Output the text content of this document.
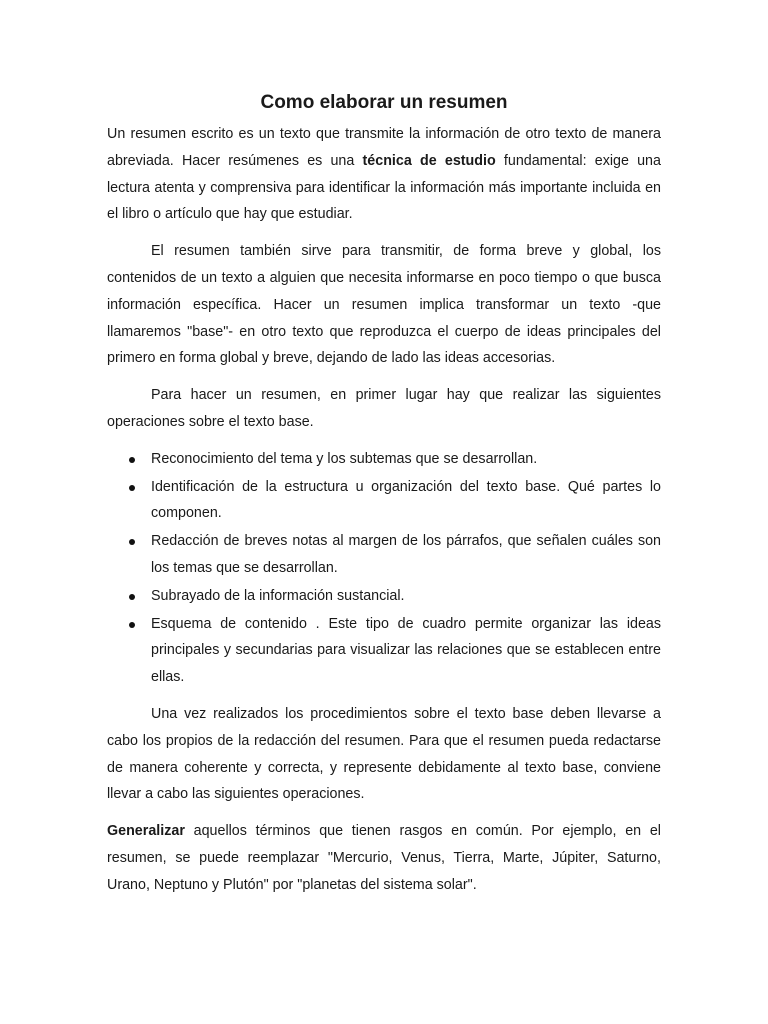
Como elaborar un resumen

Un resumen escrito es un texto que transmite la información de otro texto de manera abreviada. Hacer resúmenes es una técnica de estudio fundamental: exige una lectura atenta y comprensiva para identificar la información más importante incluida en el libro o artículo que hay que estudiar.

El resumen también sirve para transmitir, de forma breve y global, los contenidos de un texto a alguien que necesita informarse en poco tiempo o que busca información específica. Hacer un resumen implica transformar un texto -que llamaremos "base"- en otro texto que reproduzca el cuerpo de ideas principales del primero en forma global y breve, dejando de lado las ideas accesorias.

Para hacer un resumen, en primer lugar hay que realizar las siguientes operaciones sobre el texto base.

Reconocimiento del tema y los subtemas que se desarrollan.
Identificación de la estructura u organización del texto base. Qué partes lo componen.
Redacción de breves notas al margen de los párrafos, que señalen cuáles son los temas que se desarrollan.
Subrayado de la información sustancial.
Esquema de contenido . Este tipo de cuadro permite organizar las ideas principales y secundarias para visualizar las relaciones que se establecen entre ellas.

Una vez realizados los procedimientos sobre el texto base deben llevarse a cabo los propios de la redacción del resumen. Para que el resumen pueda redactarse de manera coherente y correcta, y represente debidamente al texto base, conviene llevar a cabo las siguientes operaciones.

Generalizar aquellos términos que tienen rasgos en común. Por ejemplo, en el resumen, se puede reemplazar "Mercurio, Venus, Tierra, Marte, Júpiter, Saturno, Urano, Neptuno y Plutón" por "planetas del sistema solar".
